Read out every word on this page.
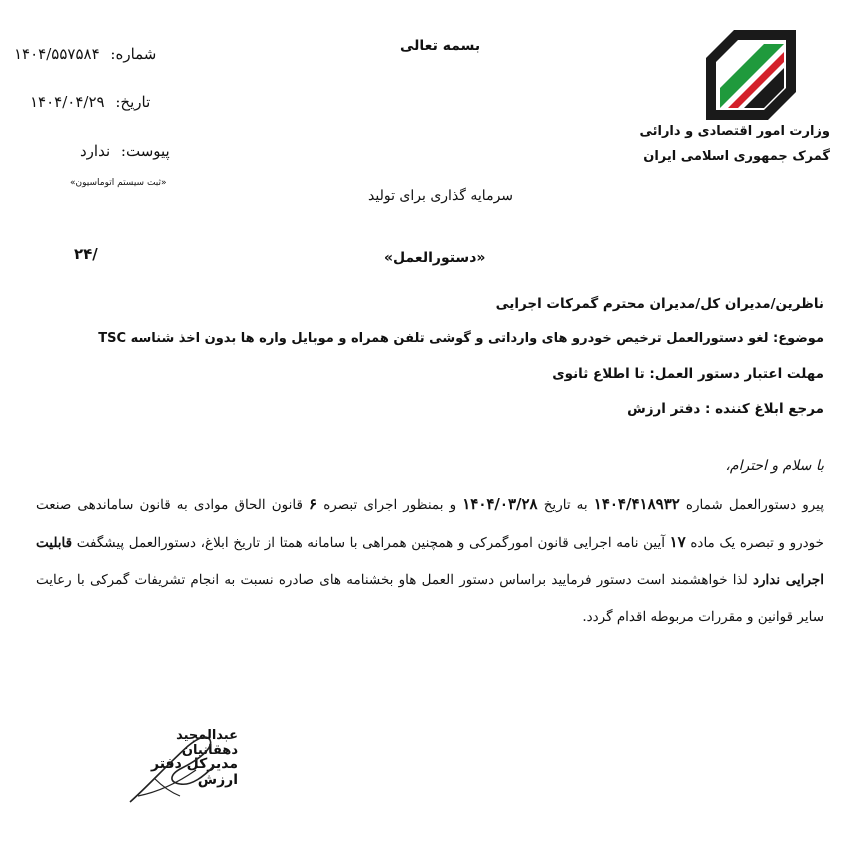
وزارت امور اقتصادی و دارائی
گمرک جمهوری اسلامی ایران
بسمه تعالی
شماره: ۱۴۰۴/۵۵۷۵۸۴
تاریخ: ۱۴۰۴/۰۴/۲۹
پیوست: ندارد
«ثبت سیستم اتوماسیون»
سرمایه گذاری برای تولید
۲۴/	«دستورالعمل»
ناظرین/مدیران کل/مدیران محترم گمرکات اجرایی
موضوع: لغو دستورالعمل ترخیص خودرو های وارداتی و گوشی تلفن همراه و موبایل واره ها بدون اخذ شناسه TSC
مهلت اعتبار دستور العمل: تا اطلاع ثانوی
مرجع ابلاغ کننده : دفتر ارزش
با سلام و احترام،
پیرو دستورالعمل شماره ۱۴۰۴/۴۱۸۹۳۲ به تاریخ ۱۴۰۴/۰۳/۲۸ و بمنظور اجرای تبصره ۶ قانون الحاق موادی به قانون ساماندهی صنعت خودرو و تبصره یک ماده ۱۷ آیین نامه اجرایی قانون امورگمرکی و همچنین همراهی با سامانه همتا از تاریخ ابلاغ، دستورالعمل پیشگفت قابلیت اجرایی ندارد لذا خواهشمند است دستور فرمایید براساس دستور العمل هاو بخشنامه های صادره نسبت به انجام تشریفات گمرکی با رعایت سایر قوانین و مقررات مربوطه اقدام گردد.
عبدالمجید دهقانیان
مدیرکل دفتر ارزش
